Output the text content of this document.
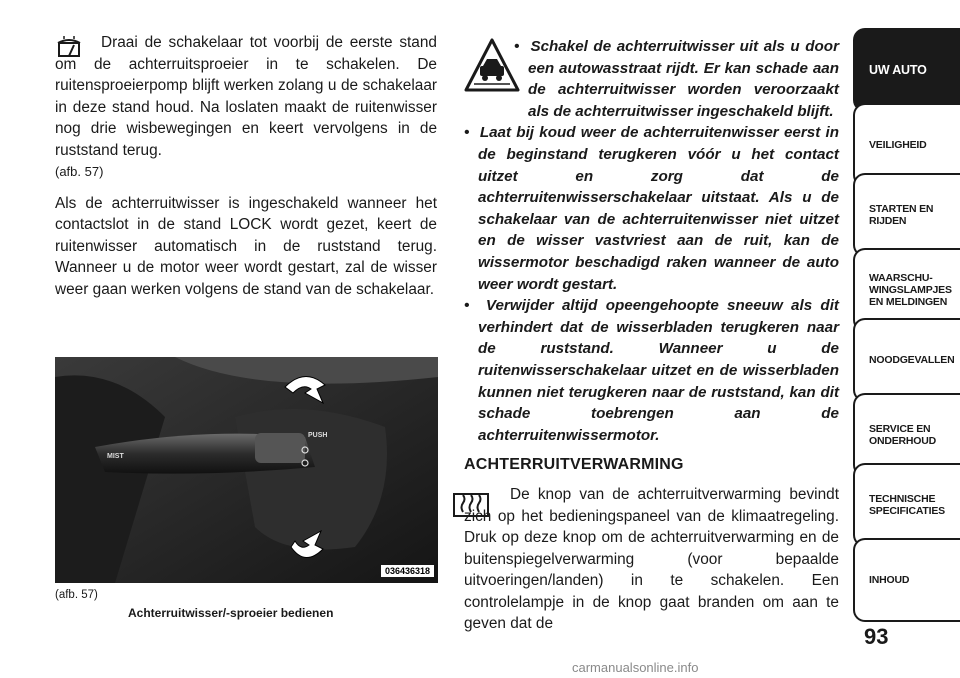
Draai de schakelaar tot voorbij de eerste stand om de achterruitsproeier in te schakelen. De ruitensproeierpomp blijft werken zolang u de schakelaar in deze stand houd. Na loslaten maakt de ruitenwisser nog drie wisbewegingen en keert vervolgens in de ruststand terug.
(afb. 57)

Als de achterruitwisser is ingeschakeld wanneer het contactslot in de stand LOCK wordt gezet, keert de ruitenwisser automatisch in de ruststand terug. Wanneer u de motor weer wordt gestart, zal de wisser weer gaan werken volgens de stand van de schakelaar.

MIST
PUSH
036436318
(afb. 57)
Achterruitwisser/-sproeier bedienen
•  Schakel de achterruitwisser uit als u door een autowasstraat rijdt. Er kan schade aan de achterruitwisser worden veroorzaakt als de achterruitwisser ingeschakeld blijft.
•  Laat bij koud weer de achterruitenwisser eerst in de beginstand terugkeren vóór u het contact uitzet en zorg dat de achterruitenwisserschakelaar uitstaat. Als u de schakelaar van de achterruitenwisser niet uitzet en de wisser vastvriest aan de ruit, kan de wissermotor beschadigd raken wanneer de auto weer wordt gestart.
•  Verwijder altijd opeengehoopte sneeuw als dit verhindert dat de wisserbladen terugkeren naar de ruststand. Wanneer u de ruitenwisserschakelaar uitzet en de wisserbladen kunnen niet terugkeren naar de ruststand, kan dit schade toebrengen aan de achterruitenwissermotor.
ACHTERRUITVERWARMING

De knop van de achterruitverwarming bevindt zich op het bedieningspaneel van de klimaatregeling. Druk op deze knop om de achterruitverwarming en de buitenspiegelverwarming (voor bepaalde uitvoeringen/landen) in te schakelen. Een controlelampje in de knop gaat branden om aan te geven dat de

UW AUTO
VEILIGHEID
STARTEN EN RIJDEN
WAARSCHU-WINGSLAMPJES EN MELDINGEN
NOODGEVALLEN
SERVICE EN ONDERHOUD
TECHNISCHE SPECIFICATIES
INHOUD
93
carmanualsonline.info
